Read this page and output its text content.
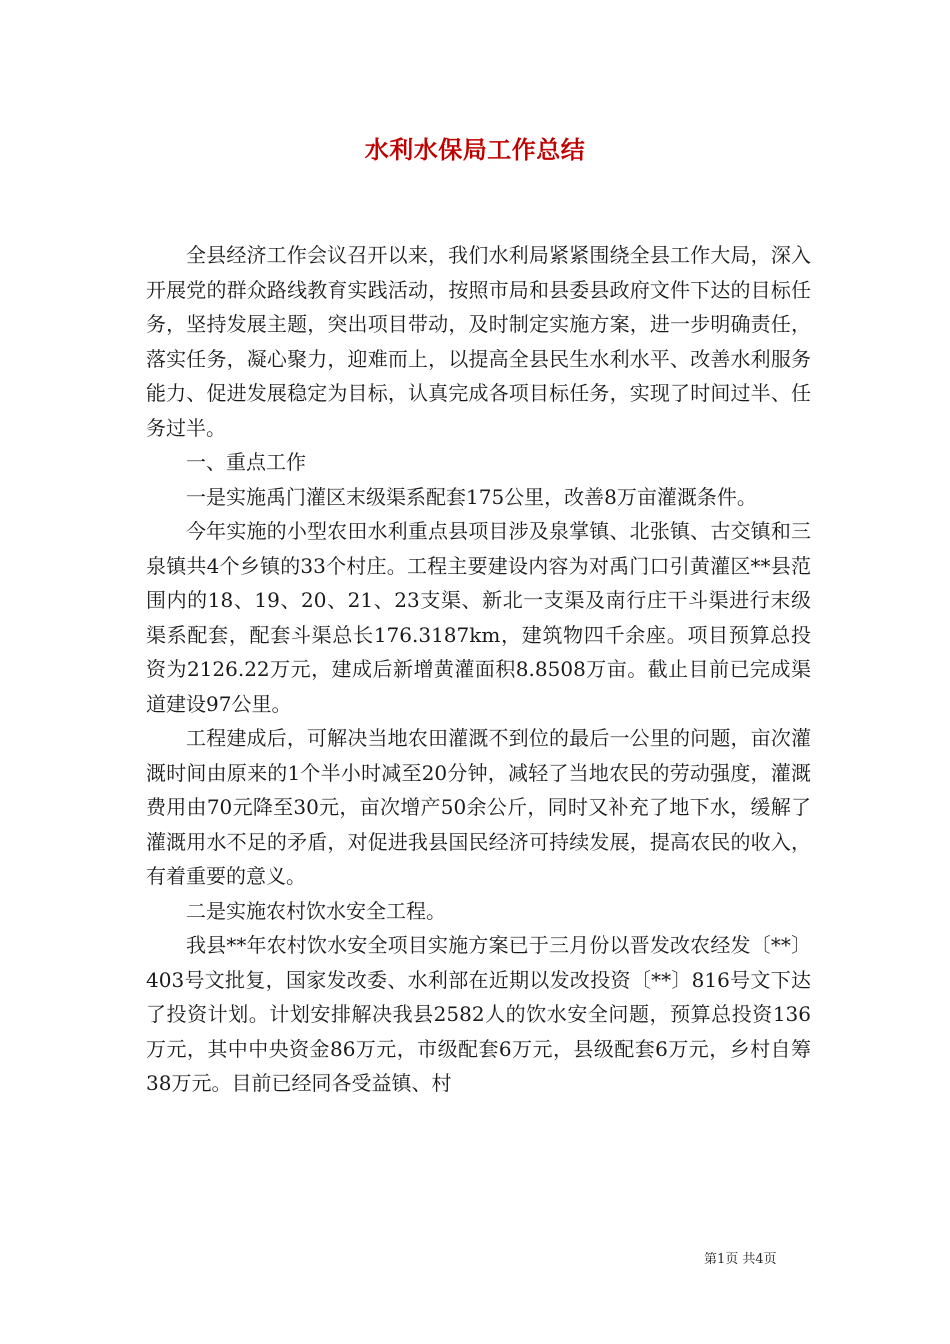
水利水保局工作总结

全县经济工作会议召开以来，我们水利局紧紧围绕全县工作大局，深入开展党的群众路线教育实践活动，按照市局和县委县政府文件下达的目标任务，坚持发展主题，突出项目带动，及时制定实施方案，进一步明确责任，落实任务，凝心聚力，迎难而上，以提高全县民生水利水平、改善水利服务能力、促进发展稳定为目标，认真完成各项目标任务，实现了时间过半、任务过半。

一、重点工作

一是实施禹门灌区末级渠系配套175公里，改善8万亩灌溉条件。

今年实施的小型农田水利重点县项目涉及泉掌镇、北张镇、古交镇和三泉镇共4个乡镇的33个村庄。工程主要建设内容为对禹门口引黄灌区**县范围内的18、19、20、21、23支渠、新北一支渠及南行庄干斗渠进行末级渠系配套，配套斗渠总长176.3187km，建筑物四千余座。项目预算总投资为2126.22万元，建成后新增黄灌面积8.8508万亩。截止目前已完成渠道建设97公里。

工程建成后，可解决当地农田灌溉不到位的最后一公里的问题，亩次灌溉时间由原来的1个半小时减至20分钟，减轻了当地农民的劳动强度，灌溉费用由70元降至30元，亩次增产50余公斤，同时又补充了地下水，缓解了灌溉用水不足的矛盾，对促进我县国民经济可持续发展，提高农民的收入，有着重要的意义。

二是实施农村饮水安全工程。

我县**年农村饮水安全项目实施方案已于三月份以晋发改农经发〔**〕403号文批复，国家发改委、水利部在近期以发改投资〔**〕816号文下达了投资计划。计划安排解决我县2582人的饮水安全问题，预算总投资136万元，其中中央资金86万元，市级配套6万元，县级配套6万元，乡村自筹38万元。目前已经同各受益镇、村

第1页 共4页
